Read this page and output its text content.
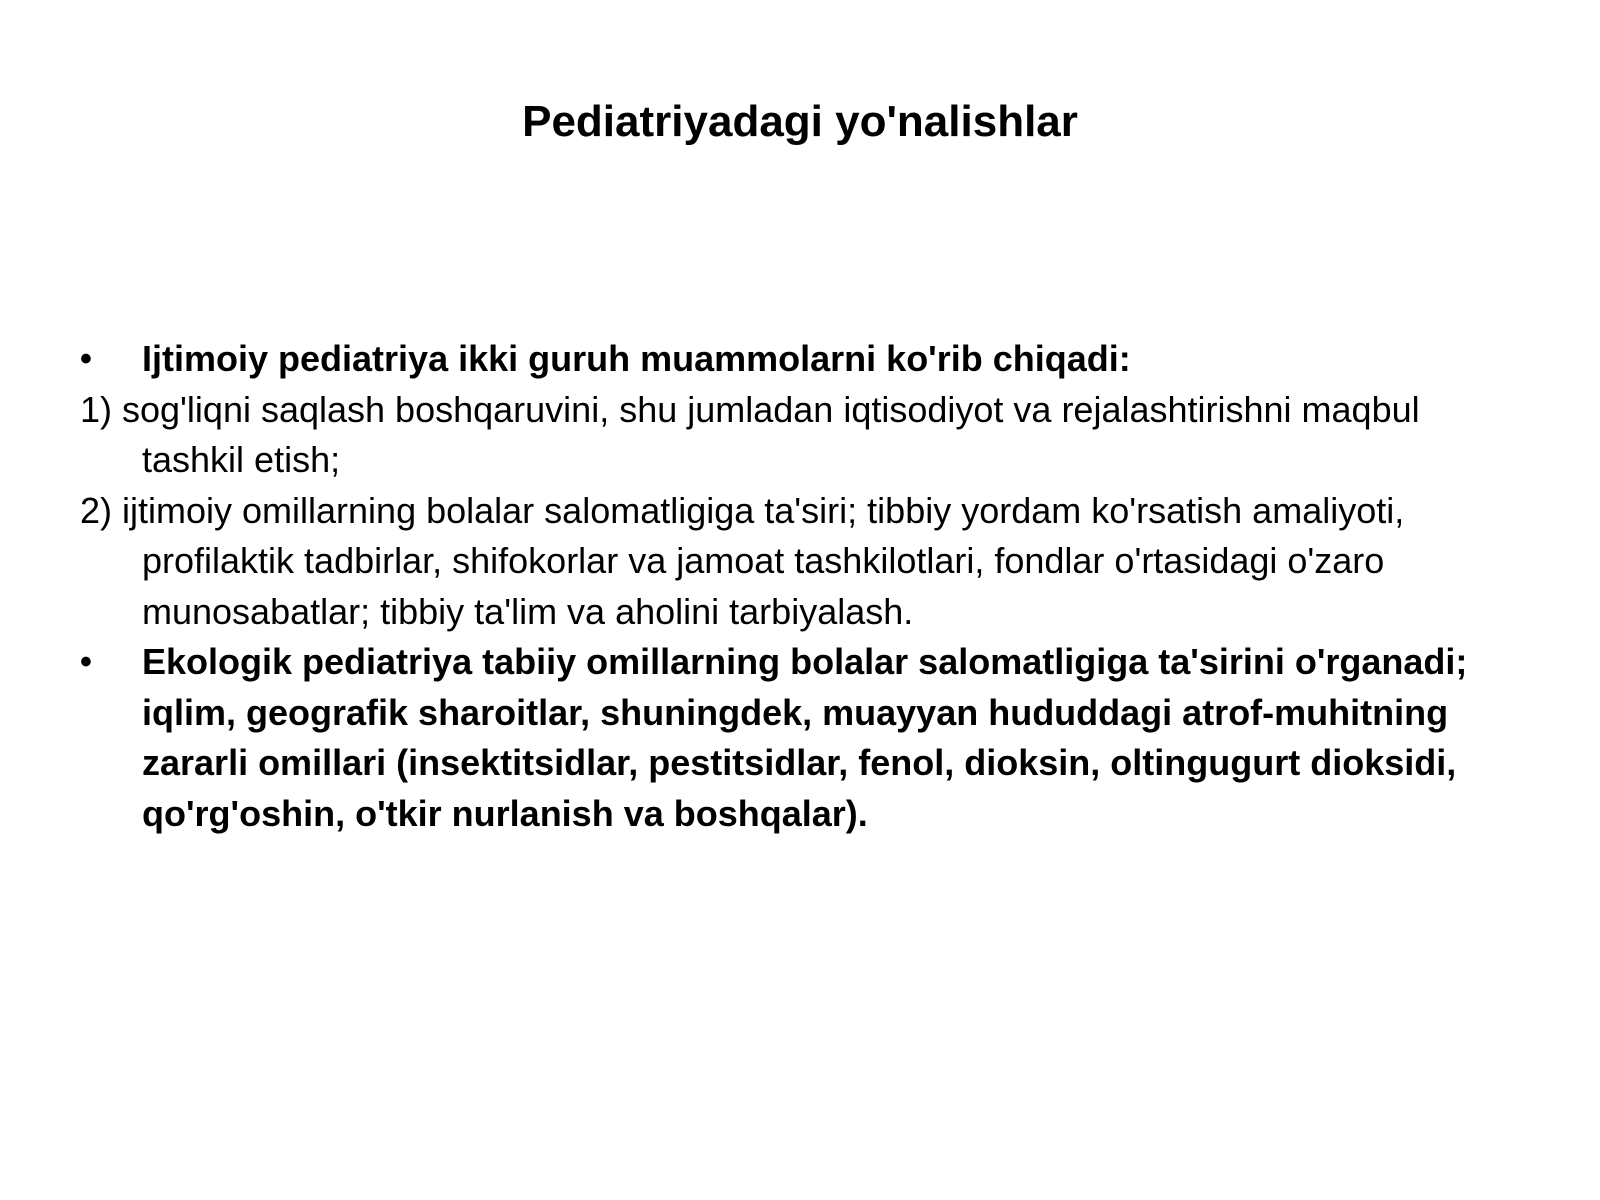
Pediatriyadagi yo'nalishlar
• Ijtimoiy pediatriya ikki guruh muammolarni ko'rib chiqadi:
1) sog'liqni saqlash boshqaruvini, shu jumladan iqtisodiyot va rejalashtirishni maqbul tashkil etish;
2) ijtimoiy omillarning bolalar salomatligiga ta'siri; tibbiy yordam ko'rsatish amaliyoti, profilaktik tadbirlar, shifokorlar va jamoat tashkilotlari, fondlar o'rtasidagi o'zaro munosabatlar; tibbiy ta'lim va aholini tarbiyalash.
• Ekologik pediatriya tabiiy omillarning bolalar salomatligiga ta'sirini o'rganadi; iqlim, geografik sharoitlar, shuningdek, muayyan hududdagi atrof-muhitning zararli omillari (insektitsidlar, pestitsidlar, fenol, dioksin, oltingugurt dioksidi, qo'rg'oshin, o'tkir nurlanish va boshqalar).
